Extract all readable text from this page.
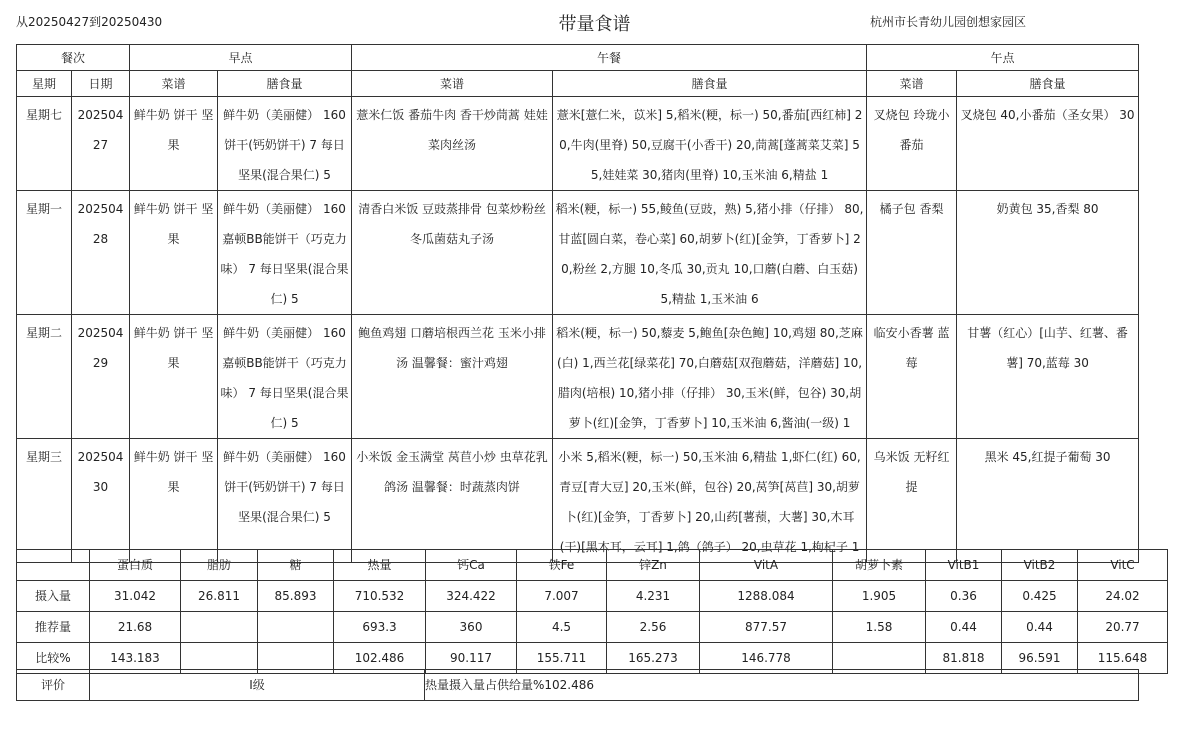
从20250427到20250430	带量食谱	杭州市长青幼儿园创想家园区
餐次		早点		午餐		午点	
星期	日期	菜谱	膳食量	菜谱	膳食量	菜谱	膳食量
星期七	20250427	鲜牛奶 饼干 坚果	鲜牛奶（美丽健） 160 饼干(钙奶饼干) 7 每日坚果(混合果仁) 5	薏米仁饭 番茄牛肉 香干炒茼蒿 娃娃菜肉丝汤	薏米[薏仁米，苡米] 5,稻米(粳，标一) 50,番茄[西红柿] 20,牛肉(里脊) 50,豆腐干(小香干) 20,茼蒿[蓬蒿菜艾菜] 55,娃娃菜 30,猪肉(里脊) 10,玉米油 6,精盐 1	叉烧包 玲珑小番茄	叉烧包 40,小番茄（圣女果） 30
星期一	20250428	鲜牛奶 饼干 坚果	鲜牛奶（美丽健） 160 嘉顿BB能饼干（巧克力味） 7 每日坚果(混合果仁) 5	清香白米饭 豆豉蒸排骨 包菜炒粉丝 冬瓜菌菇丸子汤	稻米(粳，标一) 55,鲮鱼(豆豉，熟) 5,猪小排（仔排） 80,甘蓝[圆白菜，卷心菜] 60,胡萝卜(红)[金笋，丁香萝卜] 20,粉丝 2,方腿 10,冬瓜 30,贡丸 10,口蘑(白蘑、白玉菇) 5,精盐 1,玉米油 6	橘子包 香梨	奶黄包 35,香梨 80
星期二	20250429	鲜牛奶 饼干 坚果	鲜牛奶（美丽健） 160 嘉顿BB能饼干（巧克力味） 7 每日坚果(混合果仁) 5	鲍鱼鸡翅 口蘑培根西兰花 玉米小排汤 温馨餐：蜜汁鸡翅	稻米(粳，标一) 50,藜麦 5,鲍鱼[杂色鲍] 10,鸡翅 80,芝麻(白) 1,西兰花[绿菜花] 70,白蘑菇[双孢蘑菇，洋蘑菇] 10,腊肉(培根) 10,猪小排（仔排） 30,玉米(鲜，包谷) 30,胡萝卜(红)[金笋，丁香萝卜] 10,玉米油 6,酱油(一级) 1	临安小香薯 蓝莓	甘薯（红心）[山芋、红薯、番薯] 70,蓝莓 30
星期三	20250430	鲜牛奶 饼干 坚果	鲜牛奶（美丽健） 160 饼干(钙奶饼干) 7 每日坚果(混合果仁) 5	小米饭 金玉满堂 莴苣小炒 虫草花乳鸽汤 温馨餐：时蔬蒸肉饼	小米 5,稻米(粳，标一) 50,玉米油 6,精盐 1,虾仁(红) 60,青豆[青大豆] 20,玉米(鲜，包谷) 20,莴笋[莴苣] 30,胡萝卜(红)[金笋，丁香萝卜] 20,山药[薯蓣，大薯] 30,木耳(干)[黑木耳，云耳] 1,鸽（鸽子） 20,虫草花 1,枸杞子 1	乌米饭 无籽红提	黑米 45,红提子葡萄 30
	蛋白质	脂肪	糖	热量	钙Ca	铁Fe	锌Zn	VitA	胡萝卜素	VitB1	VitB2	VitC
摄入量	31.042	26.811	85.893	710.532	324.422	7.007	4.231	1288.084	1.905	0.36	0.425	24.02
推荐量	21.68			693.3	360	4.5	2.56	877.57	1.58	0.44	0.44	20.77
比较%	143.183			102.486	90.117	155.711	165.273	146.778		81.818	96.591	115.648
评价	I级	热量摄入量占供给量%102.486
